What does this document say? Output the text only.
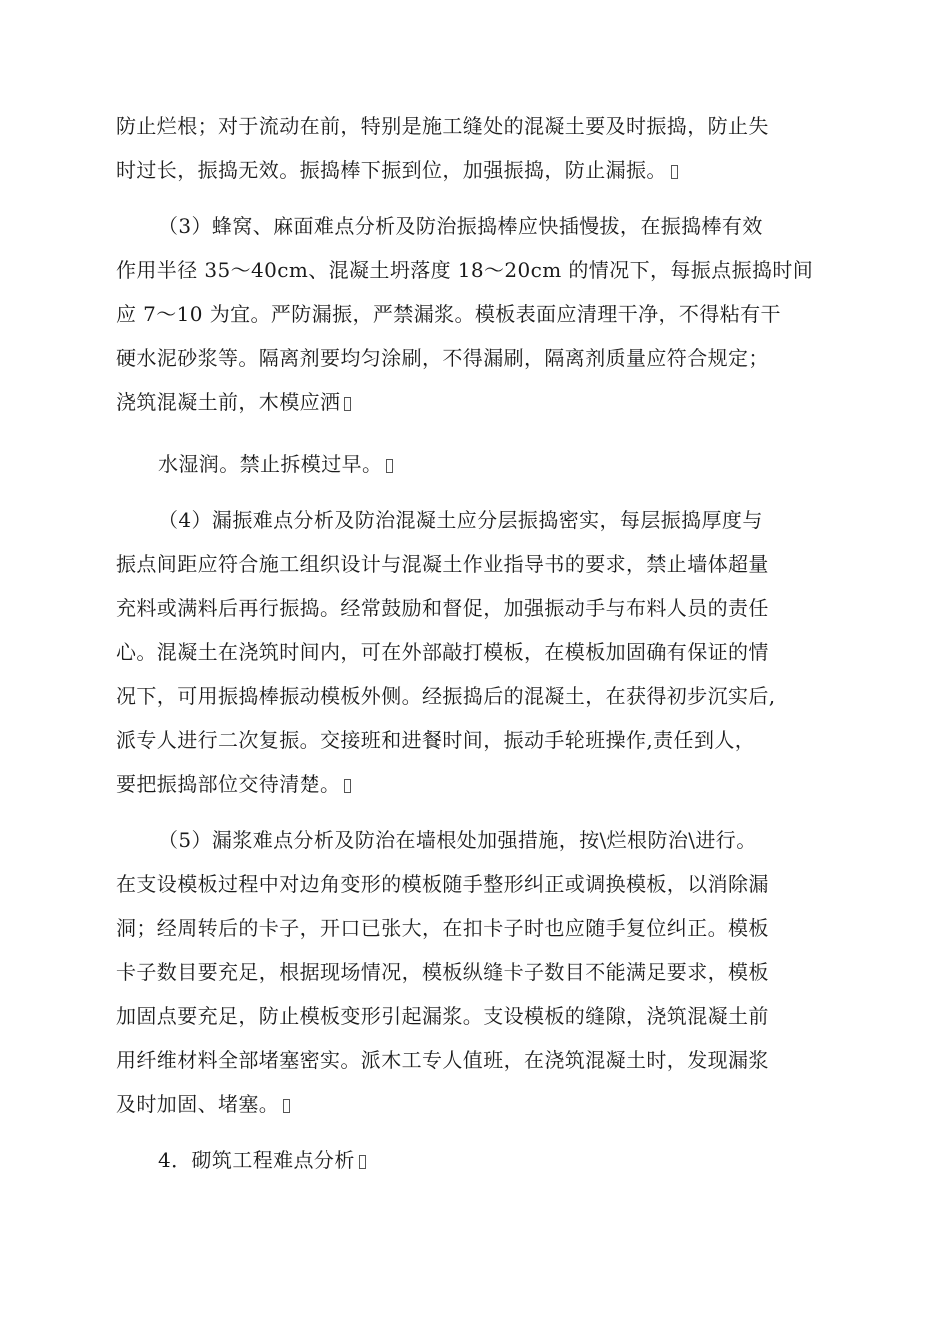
防止烂根；对于流动在前，特别是施工缝处的混凝土要及时振捣，防止失
时过长，振捣无效。振捣棒下振到位，加强振捣，防止漏振。
（3）蜂窝、麻面难点分析及防治振捣棒应快插慢拔，在振捣棒有效
作用半径 35～40cm、混凝土坍落度 18～20cm 的情况下，每振点振捣时间
应 7～10 为宜。严防漏振，严禁漏浆。模板表面应清理干净，不得粘有干
硬水泥砂浆等。隔离剂要均匀涂刷，不得漏刷，隔离剂质量应符合规定；
浇筑混凝土前，木模应洒
水湿润。禁止拆模过早。
（4）漏振难点分析及防治混凝土应分层振捣密实，每层振捣厚度与
振点间距应符合施工组织设计与混凝土作业指导书的要求，禁止墙体超量
充料或满料后再行振捣。经常鼓励和督促，加强振动手与布料人员的责任
心。混凝土在浇筑时间内，可在外部敲打模板，在模板加固确有保证的情
况下，可用振捣棒振动模板外侧。经振捣后的混凝土，在获得初步沉实后,
派专人进行二次复振。交接班和进餐时间，振动手轮班操作,责任到人，
要把振捣部位交待清楚。
（5）漏浆难点分析及防治在墙根处加强措施，按\烂根防治\进行。
在支设模板过程中对边角变形的模板随手整形纠正或调换模板，以消除漏
洞；经周转后的卡子，开口已张大，在扣卡子时也应随手复位纠正。模板
卡子数目要充足，根据现场情况，模板纵缝卡子数目不能满足要求，模板
加固点要充足，防止模板变形引起漏浆。支设模板的缝隙，浇筑混凝土前
用纤维材料全部堵塞密实。派木工专人值班，在浇筑混凝土时，发现漏浆
及时加固、堵塞。
4．砌筑工程难点分析
